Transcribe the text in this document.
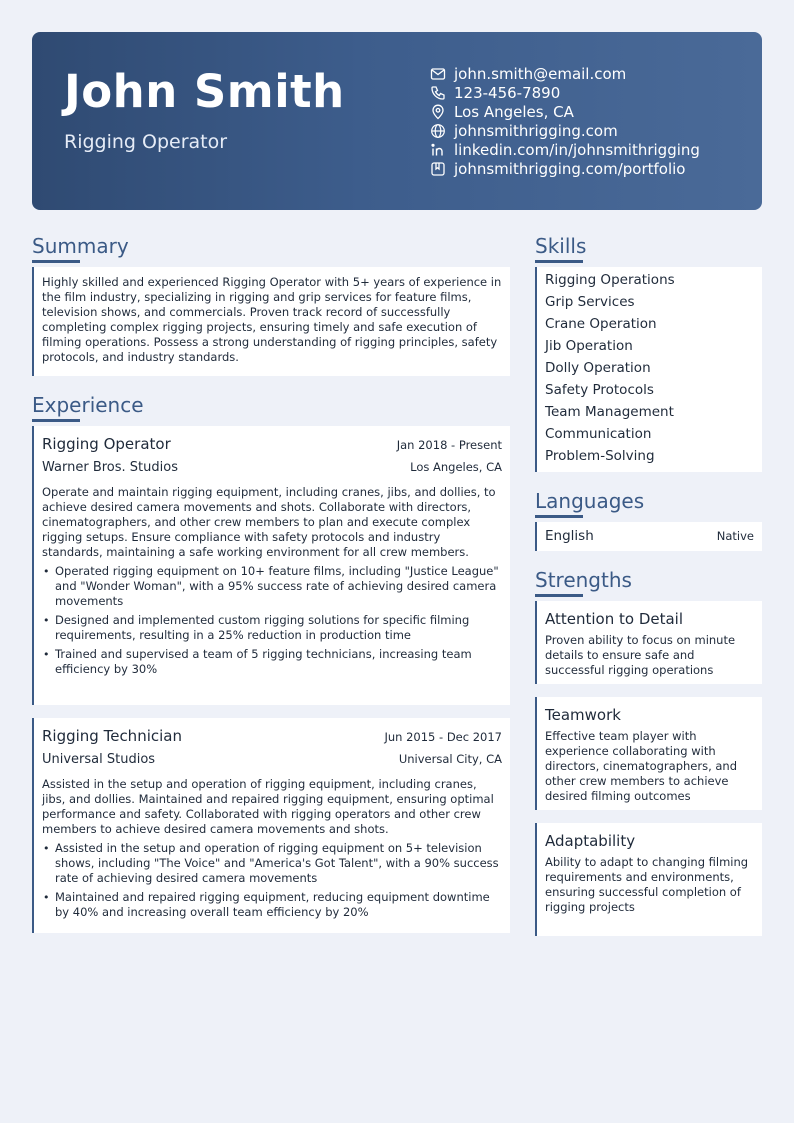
John Smith
Rigging Operator
john.smith@email.com
123-456-7890
Los Angeles, CA
johnsmithrigging.com
linkedin.com/in/johnsmithrigging
johnsmithrigging.com/portfolio
Summary

Highly skilled and experienced Rigging Operator with 5+ years of experience in the film industry, specializing in rigging and grip services for feature films, television shows, and commercials. Proven track record of successfully completing complex rigging projects, ensuring timely and safe execution of filming operations. Possess a strong understanding of rigging principles, safety protocols, and industry standards.

Experience
Rigging Operator	Jan 2018 - Present
Warner Bros. Studios	Los Angeles, CA

Operate and maintain rigging equipment, including cranes, jibs, and dollies, to achieve desired camera movements and shots. Collaborate with directors, cinematographers, and other crew members to plan and execute complex rigging setups. Ensure compliance with safety protocols and industry standards, maintaining a safe working environment for all crew members.

• Operated rigging equipment on 10+ feature films, including "Justice League" and "Wonder Woman", with a 95% success rate of achieving desired camera movements
• Designed and implemented custom rigging solutions for specific filming requirements, resulting in a 25% reduction in production time
• Trained and supervised a team of 5 rigging technicians, increasing team efficiency by 30%
Rigging Technician	Jun 2015 - Dec 2017
Universal Studios	Universal City, CA

Assisted in the setup and operation of rigging equipment, including cranes, jibs, and dollies. Maintained and repaired rigging equipment, ensuring optimal performance and safety. Collaborated with rigging operators and other crew members to achieve desired camera movements and shots.

• Assisted in the setup and operation of rigging equipment on 5+ television shows, including "The Voice" and "America's Got Talent", with a 90% success rate of achieving desired camera movements
• Maintained and repaired rigging equipment, reducing equipment downtime by 40% and increasing overall team efficiency by 20%
Skills
Rigging Operations
Grip Services
Crane Operation
Jib Operation
Dolly Operation
Safety Protocols
Team Management
Communication
Problem-Solving
Languages
English	Native
Strengths
Attention to Detail
Proven ability to focus on minute details to ensure safe and successful rigging operations
Teamwork
Effective team player with experience collaborating with directors, cinematographers, and other crew members to achieve desired filming outcomes
Adaptability
Ability to adapt to changing filming requirements and environments, ensuring successful completion of rigging projects
